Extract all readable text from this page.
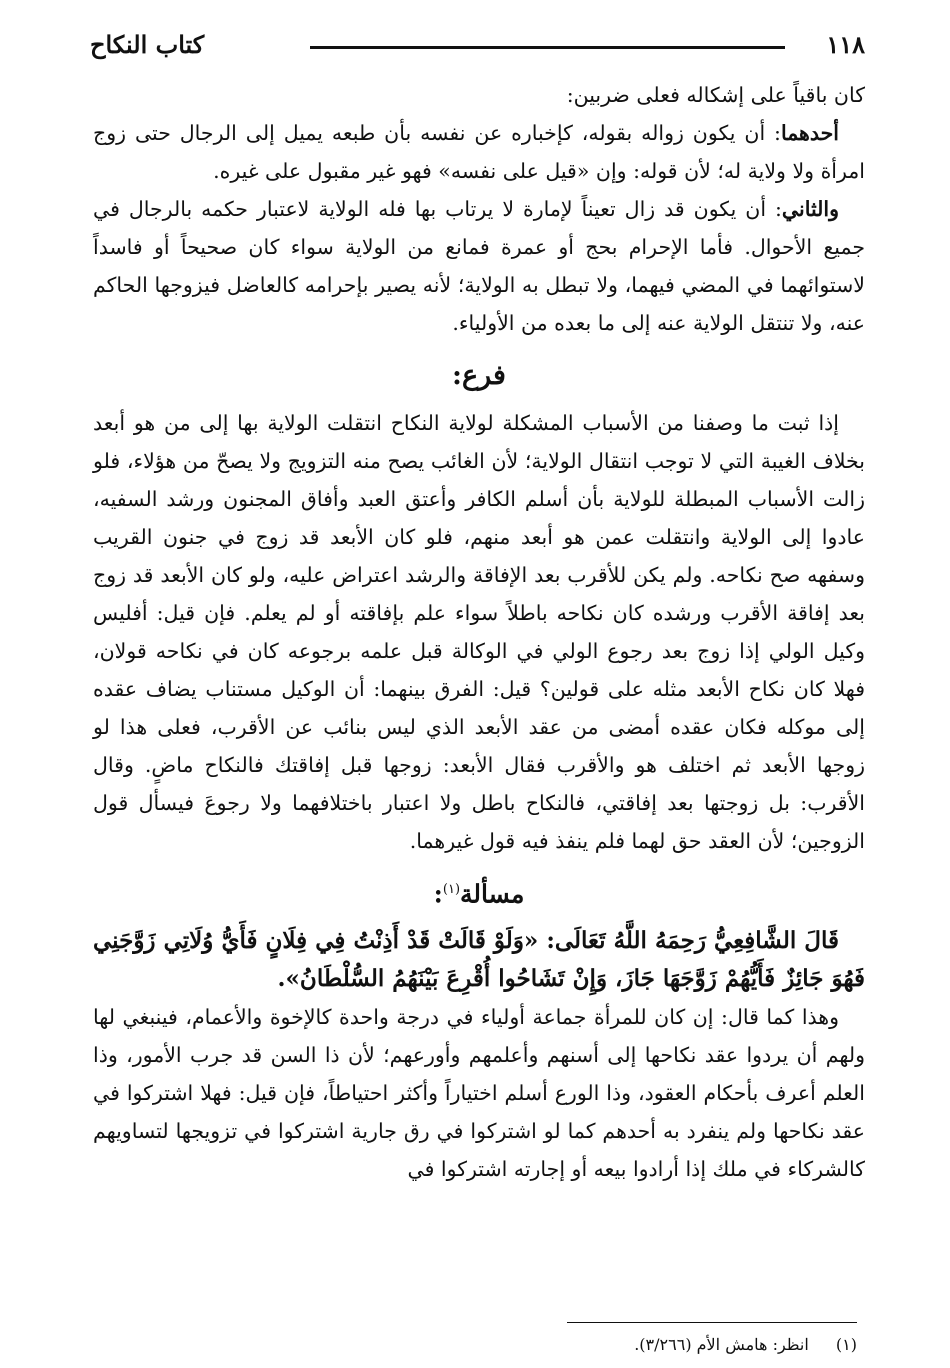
١١٨
كتاب النكاح

كان باقياً على إشكاله فعلى ضربين:

أحدهما: أن يكون زواله بقوله، كإخباره عن نفسه بأن طبعه يميل إلى الرجال حتى زوج امرأة ولا ولاية له؛ لأن قوله: وإن «قيل على نفسه» فهو غير مقبول على غيره.

والثاني: أن يكون قد زال تعيناً لإمارة لا يرتاب بها فله الولاية لاعتبار حكمه بالرجال في جميع الأحوال. فأما الإحرام بحج أو عمرة فمانع من الولاية سواء كان صحيحاً أو فاسداً لاستوائهما في المضي فيهما، ولا تبطل به الولاية؛ لأنه يصير بإحرامه كالعاضل فيزوجها الحاكم عنه، ولا تنتقل الولاية عنه إلى ما بعده من الأولياء.

فرع:

إذا ثبت ما وصفنا من الأسباب المشكلة لولاية النكاح انتقلت الولاية بها إلى من هو أبعد بخلاف الغيبة التي لا توجب انتقال الولاية؛ لأن الغائب يصح منه التزويج ولا يصحّ من هؤلاء، فلو زالت الأسباب المبطلة للولاية بأن أسلم الكافر وأعتق العبد وأفاق المجنون ورشد السفيه، عادوا إلى الولاية وانتقلت عمن هو أبعد منهم، فلو كان الأبعد قد زوج في جنون القريب وسفهه صح نكاحه. ولم يكن للأقرب بعد الإفاقة والرشد اعتراض عليه، ولو كان الأبعد قد زوج بعد إفاقة الأقرب ورشده كان نكاحه باطلاً سواء علم بإفاقته أو لم يعلم. فإن قيل: أفليس وكيل الولي إذا زوج بعد رجوع الولي في الوكالة قبل علمه برجوعه كان في نكاحه قولان، فهلا كان نكاح الأبعد مثله على قولين؟ قيل: الفرق بينهما: أن الوكيل مستناب يضاف عقده إلى موكله فكان عقده أمضى من عقد الأبعد الذي ليس بنائب عن الأقرب، فعلى هذا لو زوجها الأبعد ثم اختلف هو والأقرب فقال الأبعد: زوجها قبل إفاقتك فالنكاح ماضٍ. وقال الأقرب: بل زوجتها بعد إفاقتي، فالنكاح باطل ولا اعتبار باختلافهما ولا رجوعَ فيسأل قول الزوجين؛ لأن العقد حق لهما فلم ينفذ فيه قول غيرهما.

مسألة$^{(١)}$:

قَالَ الشَّافِعِيُّ رَحِمَهُ اللَّهُ تَعَالَى: «وَلَوْ قَالَتْ قَدْ أَذِنْتُ فِي فِلَانٍ فَأَيُّ وُلَاتِي زَوَّجَنِي فَهُوَ جَائِزٌ فَأَيُّهُمْ زَوَّجَهَا جَازَ، وَإِنْ تَشَاحُوا أُقْرِعَ بَيْنَهُمُ السُّلْطَانُ».

وهذا كما قال: إن كان للمرأة جماعة أولياء في درجة واحدة كالإخوة والأعمام، فينبغي لها ولهم أن يردوا عقد نكاحها إلى أسنهم وأعلمهم وأورعهم؛ لأن ذا السن قد جرب الأمور، وذا العلم أعرف بأحكام العقود، وذا الورع أسلم اختياراً وأكثر احتياطاً، فإن قيل: فهلا اشتركوا في عقد نكاحها ولم ينفرد به أحدهم كما لو اشتركوا في رق جارية اشتركوا في تزويجها لتساويهم كالشركاء في ملك إذا أرادوا بيعه أو إجارته اشتركوا في

(١) انظر: هامش الأم (٣/٢٦٦).
